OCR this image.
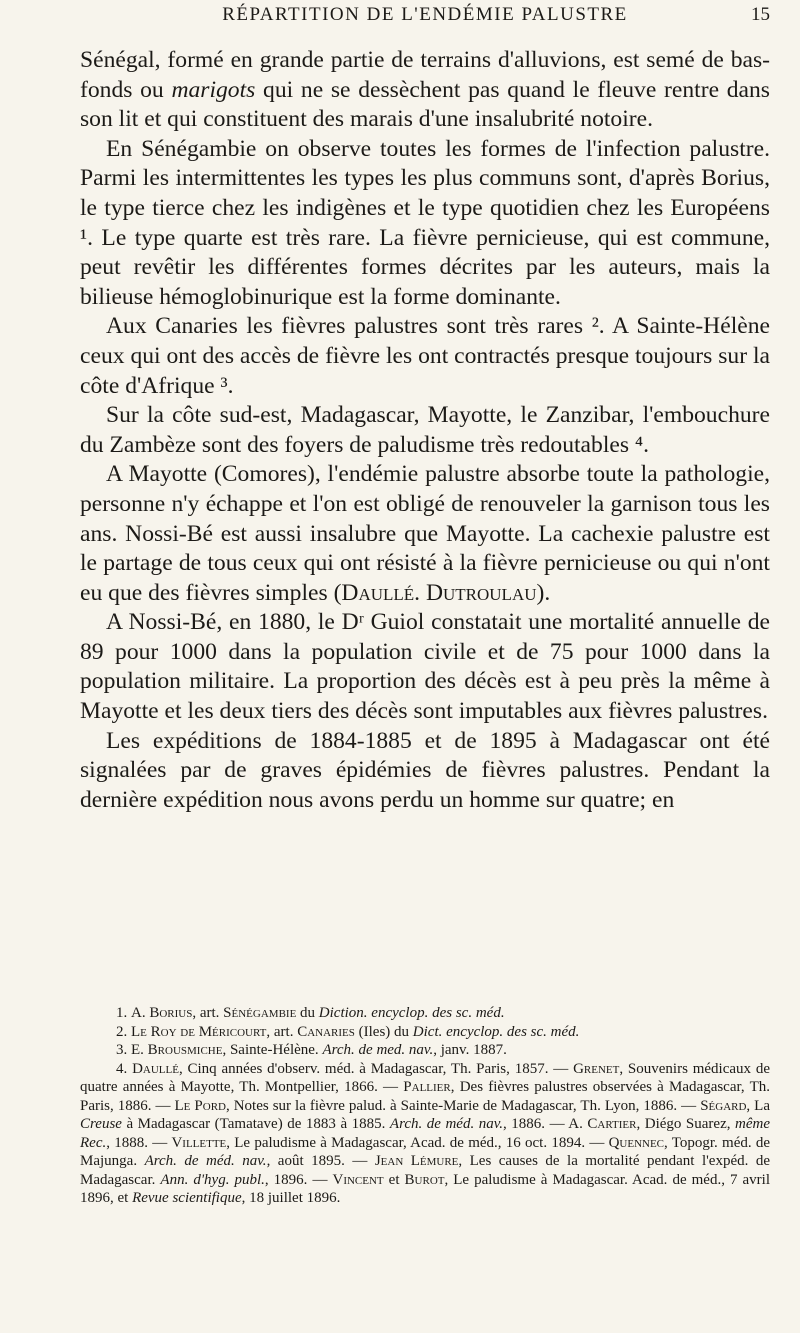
RÉPARTITION DE L'ENDÉMIE PALUSTRE	15

Sénégal, formé en grande partie de terrains d'alluvions, est semé de bas-fonds ou marigots qui ne se dessèchent pas quand le fleuve rentre dans son lit et qui constituent des marais d'une insalubrité notoire.

En Sénégambie on observe toutes les formes de l'infection palustre. Parmi les intermittentes les types les plus communs sont, d'après Borius, le type tierce chez les indigènes et le type quotidien chez les Européens ¹. Le type quarte est très rare. La fièvre pernicieuse, qui est commune, peut revêtir les différentes formes décrites par les auteurs, mais la bilieuse hémoglobinurique est la forme dominante.

Aux Canaries les fièvres palustres sont très rares ². A Sainte-Hélène ceux qui ont des accès de fièvre les ont contractés presque toujours sur la côte d'Afrique ³.

Sur la côte sud-est, Madagascar, Mayotte, le Zanzibar, l'embouchure du Zambèze sont des foyers de paludisme très redoutables ⁴.

A Mayotte (Comores), l'endémie palustre absorbe toute la pathologie, personne n'y échappe et l'on est obligé de renouveler la garnison tous les ans. Nossi-Bé est aussi insalubre que Mayotte. La cachexie palustre est le partage de tous ceux qui ont résisté à la fièvre pernicieuse ou qui n'ont eu que des fièvres simples (Daullé. Dutroulau).

A Nossi-Bé, en 1880, le Dʳ Guiol constatait une mortalité annuelle de 89 pour 1000 dans la population civile et de 75 pour 1000 dans la population militaire. La proportion des décès est à peu près la même à Mayotte et les deux tiers des décès sont imputables aux fièvres palustres.

Les expéditions de 1884-1885 et de 1895 à Madagascar ont été signalées par de graves épidémies de fièvres palustres. Pendant la dernière expédition nous avons perdu un homme sur quatre; en

1. A. Borius, art. Sénégambie du Diction. encyclop. des sc. méd.

2. Le Roy de Méricourt, art. Canaries (Iles) du Dict. encyclop. des sc. méd.

3. E. Brousmiche, Sainte-Hélène. Arch. de med. nav., janv. 1887.

4. Daullé, Cinq années d'observ. méd. à Madagascar, Th. Paris, 1857. — Grenet, Souvenirs médicaux de quatre années à Mayotte, Th. Montpellier, 1866. — Pallier, Des fièvres palustres observées à Madagascar, Th. Paris, 1886. — Le Pord, Notes sur la fièvre palud. à Sainte-Marie de Madagascar, Th. Lyon, 1886. — Ségard, La Creuse à Madagascar (Tamatave) de 1883 à 1885. Arch. de méd. nav., 1886. — A. Cartier, Diégo Suarez, même Rec., 1888. — Villette, Le paludisme à Madagascar, Acad. de méd., 16 oct. 1894. — Quennec, Topogr. méd. de Majunga. Arch. de méd. nav., août 1895. — Jean Lémure, Les causes de la mortalité pendant l'expéd. de Madagascar. Ann. d'hyg. publ., 1896. — Vincent et Burot, Le paludisme à Madagascar. Acad. de méd., 7 avril 1896, et Revue scientifique, 18 juillet 1896.
